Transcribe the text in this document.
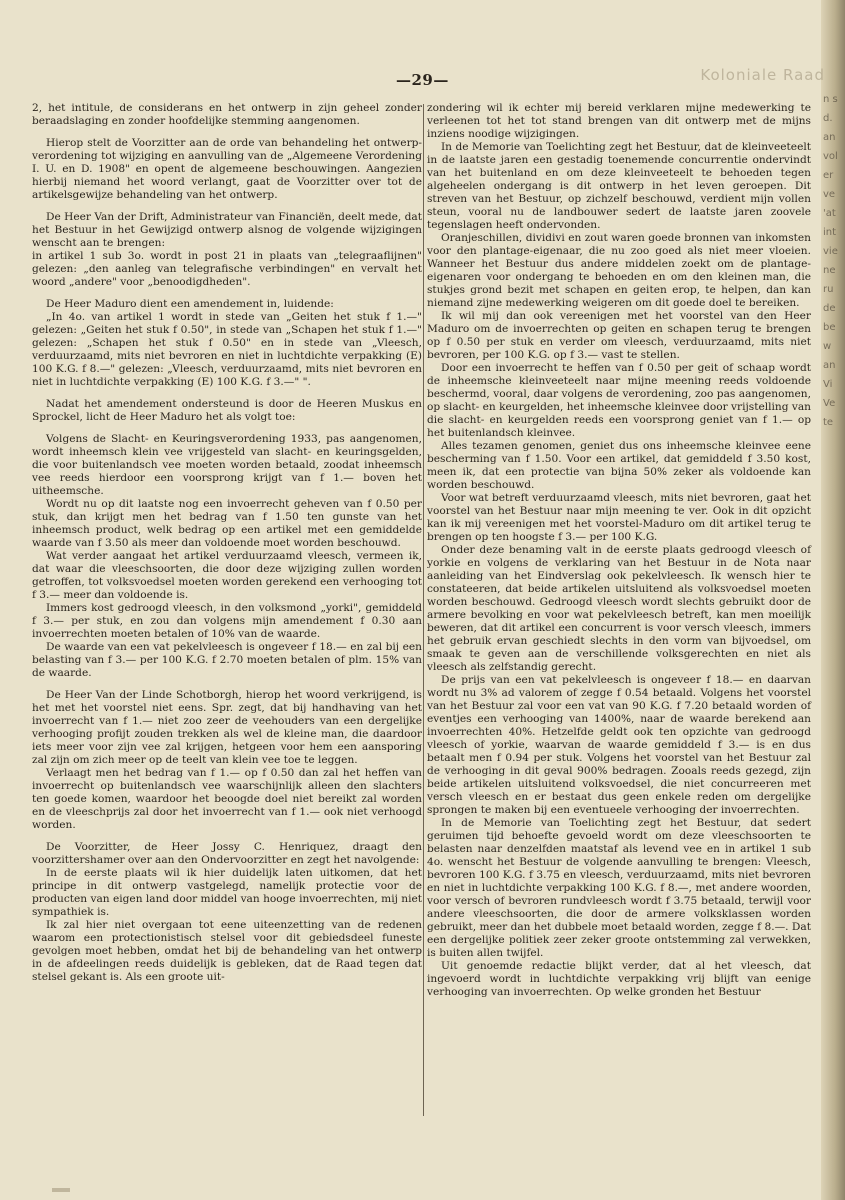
Koloniale Raad
n s d. an vol er ve 'at int vie ne ru de be w an Vi Ve te
—29—

2, het intitule, de considerans en het ontwerp in zijn geheel zonder beraadslaging en zonder hoofdelijke stemming aangenomen.

Hierop stelt de Voorzitter aan de orde van behandeling het ontwerp-verordening tot wijziging en aanvulling van de „Algemeene Verordening I. U. en D. 1908" en opent de algemeene beschouwingen. Aangezien hierbij niemand het woord verlangt, gaat de Voorzitter over tot de artikelsgewijze behandeling van het ontwerp.

De Heer Van der Drift, Administrateur van Financiën, deelt mede, dat het Bestuur in het Gewijzigd ontwerp alsnog de volgende wijzigingen wenscht aan te brengen:

in artikel 1 sub 3o. wordt in post 21 in plaats van „telegraaflijnen" gelezen: „den aanleg van telegrafische verbindingen" en vervalt het woord „andere" voor „benoodigdheden".

De Heer Maduro dient een amendement in, luidende:

„In 4o. van artikel 1 wordt in stede van „Geiten het stuk f 1.—" gelezen: „Geiten het stuk f 0.50", in stede van „Schapen het stuk f 1.—" gelezen: „Schapen het stuk f 0.50" en in stede van „Vleesch, verduurzaamd, mits niet bevroren en niet in luchtdichte verpakking (E) 100 K.G. f 8.—" gelezen: „Vleesch, verduurzaamd, mits niet bevroren en niet in luchtdichte verpakking (E) 100 K.G. f 3.—" ".

Nadat het amendement ondersteund is door de Heeren Muskus en Sprockel, licht de Heer Maduro het als volgt toe:

Volgens de Slacht- en Keuringsverordening 1933, pas aangenomen, wordt inheemsch klein vee vrijgesteld van slacht- en keuringsgelden, die voor buitenlandsch vee moeten worden betaald, zoodat inheemsch vee reeds hierdoor een voorsprong krijgt van f 1.— boven het uitheemsche.

Wordt nu op dit laatste nog een invoerrecht geheven van f 0.50 per stuk, dan krijgt men het bedrag van f 1.50 ten gunste van het inheemsch product, welk bedrag op een artikel met een gemiddelde waarde van f 3.50 als meer dan voldoende moet worden beschouwd.

Wat verder aangaat het artikel verduurzaamd vleesch, vermeen ik, dat waar die vleeschsoorten, die door deze wijziging zullen worden getroffen, tot volksvoedsel moeten worden gerekend een verhooging tot f 3.— meer dan voldoende is.

Immers kost gedroogd vleesch, in den volksmond „yorki", gemiddeld f 3.— per stuk, en zou dan volgens mijn amendement f 0.30 aan invoerrechten moeten betalen of 10% van de waarde.

De waarde van een vat pekelvleesch is ongeveer f 18.— en zal bij een belasting van f 3.— per 100 K.G. f 2.70 moeten betalen of plm. 15% van de waarde.

De Heer Van der Linde Schotborgh, hierop het woord verkrijgend, is het met het voorstel niet eens. Spr. zegt, dat bij handhaving van het invoerrecht van f 1.— niet zoo zeer de veehouders van een dergelijke verhooging profijt zouden trekken als wel de kleine man, die daardoor iets meer voor zijn vee zal krijgen, hetgeen voor hem een aansporing zal zijn om zich meer op de teelt van klein vee toe te leggen.

Verlaagt men het bedrag van f 1.— op f 0.50 dan zal het heffen van invoerrecht op buitenlandsch vee waarschijnlijk alleen den slachters ten goede komen, waardoor het beoogde doel niet bereikt zal worden en de vleeschprijs zal door het invoerrecht van f 1.— ook niet verhoogd worden.

De Voorzitter, de Heer Jossy C. Henriquez, draagt den voorzittershamer over aan den Ondervoorzitter en zegt het navolgende:

In de eerste plaats wil ik hier duidelijk laten uitkomen, dat het principe in dit ontwerp vastgelegd, namelijk protectie voor de producten van eigen land door middel van hooge invoerrechten, mij niet sympathiek is.

Ik zal hier niet overgaan tot eene uiteenzetting van de redenen waarom een protectionistisch stelsel voor dit gebiedsdeel funeste gevolgen moet hebben, omdat het bij de behandeling van het ontwerp in de afdeelingen reeds duidelijk is gebleken, dat de Raad tegen dat stelsel gekant is. Als een groote uit-

zondering wil ik echter mij bereid verklaren mijne medewerking te verleenen tot het tot stand brengen van dit ontwerp met de mijns inziens noodige wijzigingen.

In de Memorie van Toelichting zegt het Bestuur, dat de kleinveeteelt in de laatste jaren een gestadig toenemende concurrentie ondervindt van het buitenland en om deze kleinveeteelt te behoeden tegen algeheelen ondergang is dit ontwerp in het leven geroepen. Dit streven van het Bestuur, op zichzelf beschouwd, verdient mijn vollen steun, vooral nu de landbouwer sedert de laatste jaren zoovele tegenslagen heeft ondervonden.

Oranjeschillen, dividivi en zout waren goede bronnen van inkomsten voor den plantage-eigenaar, die nu zoo goed als niet meer vloeien. Wanneer het Bestuur dus andere middelen zoekt om de plantage-eigenaren voor ondergang te behoeden en om den kleinen man, die stukjes grond bezit met schapen en geiten erop, te helpen, dan kan niemand zijne medewerking weigeren om dit goede doel te bereiken.

Ik wil mij dan ook vereenigen met het voorstel van den Heer Maduro om de invoerrechten op geiten en schapen terug te brengen op f 0.50 per stuk en verder om vleesch, verduurzaamd, mits niet bevroren, per 100 K.G. op f 3.— vast te stellen.

Door een invoerrecht te heffen van f 0.50 per geit of schaap wordt de inheemsche kleinveeteelt naar mijne meening reeds voldoende beschermd, vooral, daar volgens de verordening, zoo pas aangenomen, op slacht- en keurgelden, het inheemsche kleinvee door vrijstelling van die slacht- en keurgelden reeds een voorsprong geniet van f 1.— op het buitenlandsch kleinvee.

Alles tezamen genomen, geniet dus ons inheemsche kleinvee eene bescherming van f 1.50. Voor een artikel, dat gemiddeld f 3.50 kost, meen ik, dat een protectie van bijna 50% zeker als voldoende kan worden beschouwd.

Voor wat betreft verduurzaamd vleesch, mits niet bevroren, gaat het voorstel van het Bestuur naar mijn meening te ver. Ook in dit opzicht kan ik mij vereenigen met het voorstel-Maduro om dit artikel terug te brengen op ten hoogste f 3.— per 100 K.G.

Onder deze benaming valt in de eerste plaats gedroogd vleesch of yorkie en volgens de verklaring van het Bestuur in de Nota naar aanleiding van het Eindverslag ook pekelvleesch. Ik wensch hier te constateeren, dat beide artikelen uitsluitend als volksvoedsel moeten worden beschouwd. Gedroogd vleesch wordt slechts gebruikt door de armere bevolking en voor wat pekelvleesch betreft, kan men moeilijk beweren, dat dit artikel een concurrent is voor versch vleesch, immers het gebruik ervan geschiedt slechts in den vorm van bijvoedsel, om smaak te geven aan de verschillende volksgerechten en niet als vleesch als zelfstandig gerecht.

De prijs van een vat pekelvleesch is ongeveer f 18.— en daarvan wordt nu 3% ad valorem of zegge f 0.54 betaald. Volgens het voorstel van het Bestuur zal voor een vat van 90 K.G. f 7.20 betaald worden of eventjes een verhooging van 1400%, naar de waarde berekend aan invoerrechten 40%. Hetzelfde geldt ook ten opzichte van gedroogd vleesch of yorkie, waarvan de waarde gemiddeld f 3.— is en dus betaalt men f 0.94 per stuk. Volgens het voorstel van het Bestuur zal de verhooging in dit geval 900% bedragen. Zooals reeds gezegd, zijn beide artikelen uitsluitend volksvoedsel, die niet concurreeren met versch vleesch en er bestaat dus geen enkele reden om dergelijke sprongen te maken bij een eventueele verhooging der invoerrechten.

In de Memorie van Toelichting zegt het Bestuur, dat sedert geruimen tijd behoefte gevoeld wordt om deze vleeschsoorten te belasten naar denzelfden maatstaf als levend vee en in artikel 1 sub 4o. wenscht het Bestuur de volgende aanvulling te brengen: Vleesch, bevroren 100 K.G. f 3.75 en vleesch, verduurzaamd, mits niet bevroren en niet in luchtdichte verpakking 100 K.G. f 8.—, met andere woorden, voor versch of bevroren rundvleesch wordt f 3.75 betaald, terwijl voor andere vleeschsoorten, die door de armere volksklassen worden gebruikt, meer dan het dubbele moet betaald worden, zegge f 8.—. Dat een dergelijke politiek zeer zeker groote ontstemming zal verwekken, is buiten allen twijfel.

Uit genoemde redactie blijkt verder, dat al het vleesch, dat ingevoerd wordt in luchtdichte verpakking vrij blijft van eenige verhooging van invoerrechten. Op welke gronden het Bestuur
